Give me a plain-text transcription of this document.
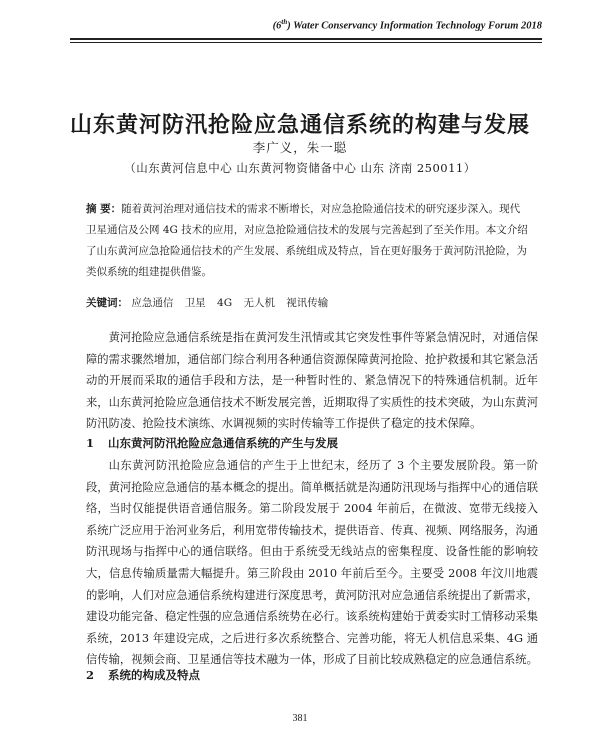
(6th) Water Conservancy Information Technology Forum 2018
山东黄河防汛抢险应急通信系统的构建与发展
李广义，朱一聪
（山东黄河信息中心 山东黄河物资储备中心 山东 济南 250011）

摘 要：随着黄河治理对通信技术的需求不断增长，对应急抢险通信技术的研究逐步深入。现代卫星通信及公网 4G 技术的应用，对应急抢险通信技术的发展与完善起到了至关作用。本文介绍了山东黄河应急抢险通信技术的产生发展、系统组成及特点，旨在更好服务于黄河防汛抢险，为类似系统的组建提供借鉴。

关键词： 应急通信 卫星 4G 无人机 视讯传输

黄河抢险应急通信系统是指在黄河发生汛情或其它突发性事件等紧急情况时，对通信保障的需求骤然增加，通信部门综合利用各种通信资源保障黄河抢险、抢护救援和其它紧急活动的开展而采取的通信手段和方法，是一种暂时性的、紧急情况下的特殊通信机制。近年来，山东黄河抢险应急通信技术不断发展完善，近期取得了实质性的技术突破，为山东黄河防汛防凌、抢险技术演练、水调视频的实时传输等工作提供了稳定的技术保障。

1 山东黄河防汛抢险应急通信系统的产生与发展

山东黄河防汛抢险应急通信的产生于上世纪末，经历了 3 个主要发展阶段。第一阶段，黄河抢险应急通信的基本概念的提出。简单概括就是沟通防汛现场与指挥中心的通信联络，当时仅能提供语音通信服务。第二阶段发展于 2004 年前后，在微波、宽带无线接入系统广泛应用于治河业务后，利用宽带传输技术，提供语音、传真、视频、网络服务，沟通防汛现场与指挥中心的通信联络。但由于系统受无线站点的密集程度、设备性能的影响较大，信息传输质量需大幅提升。第三阶段由 2010 年前后至今。主要受 2008 年汶川地震的影响，人们对应急通信系统构建进行深度思考，黄河防汛对应急通信系统提出了新需求，建设功能完备、稳定性强的应急通信系统势在必行。该系统构建始于黄委实时工情移动采集系统，2013 年建设完成，之后进行多次系统整合、完善功能，将无人机信息采集、4G 通信传输，视频会商、卫星通信等技术融为一体，形成了目前比较成熟稳定的应急通信系统。

2 系统的构成及特点
381
